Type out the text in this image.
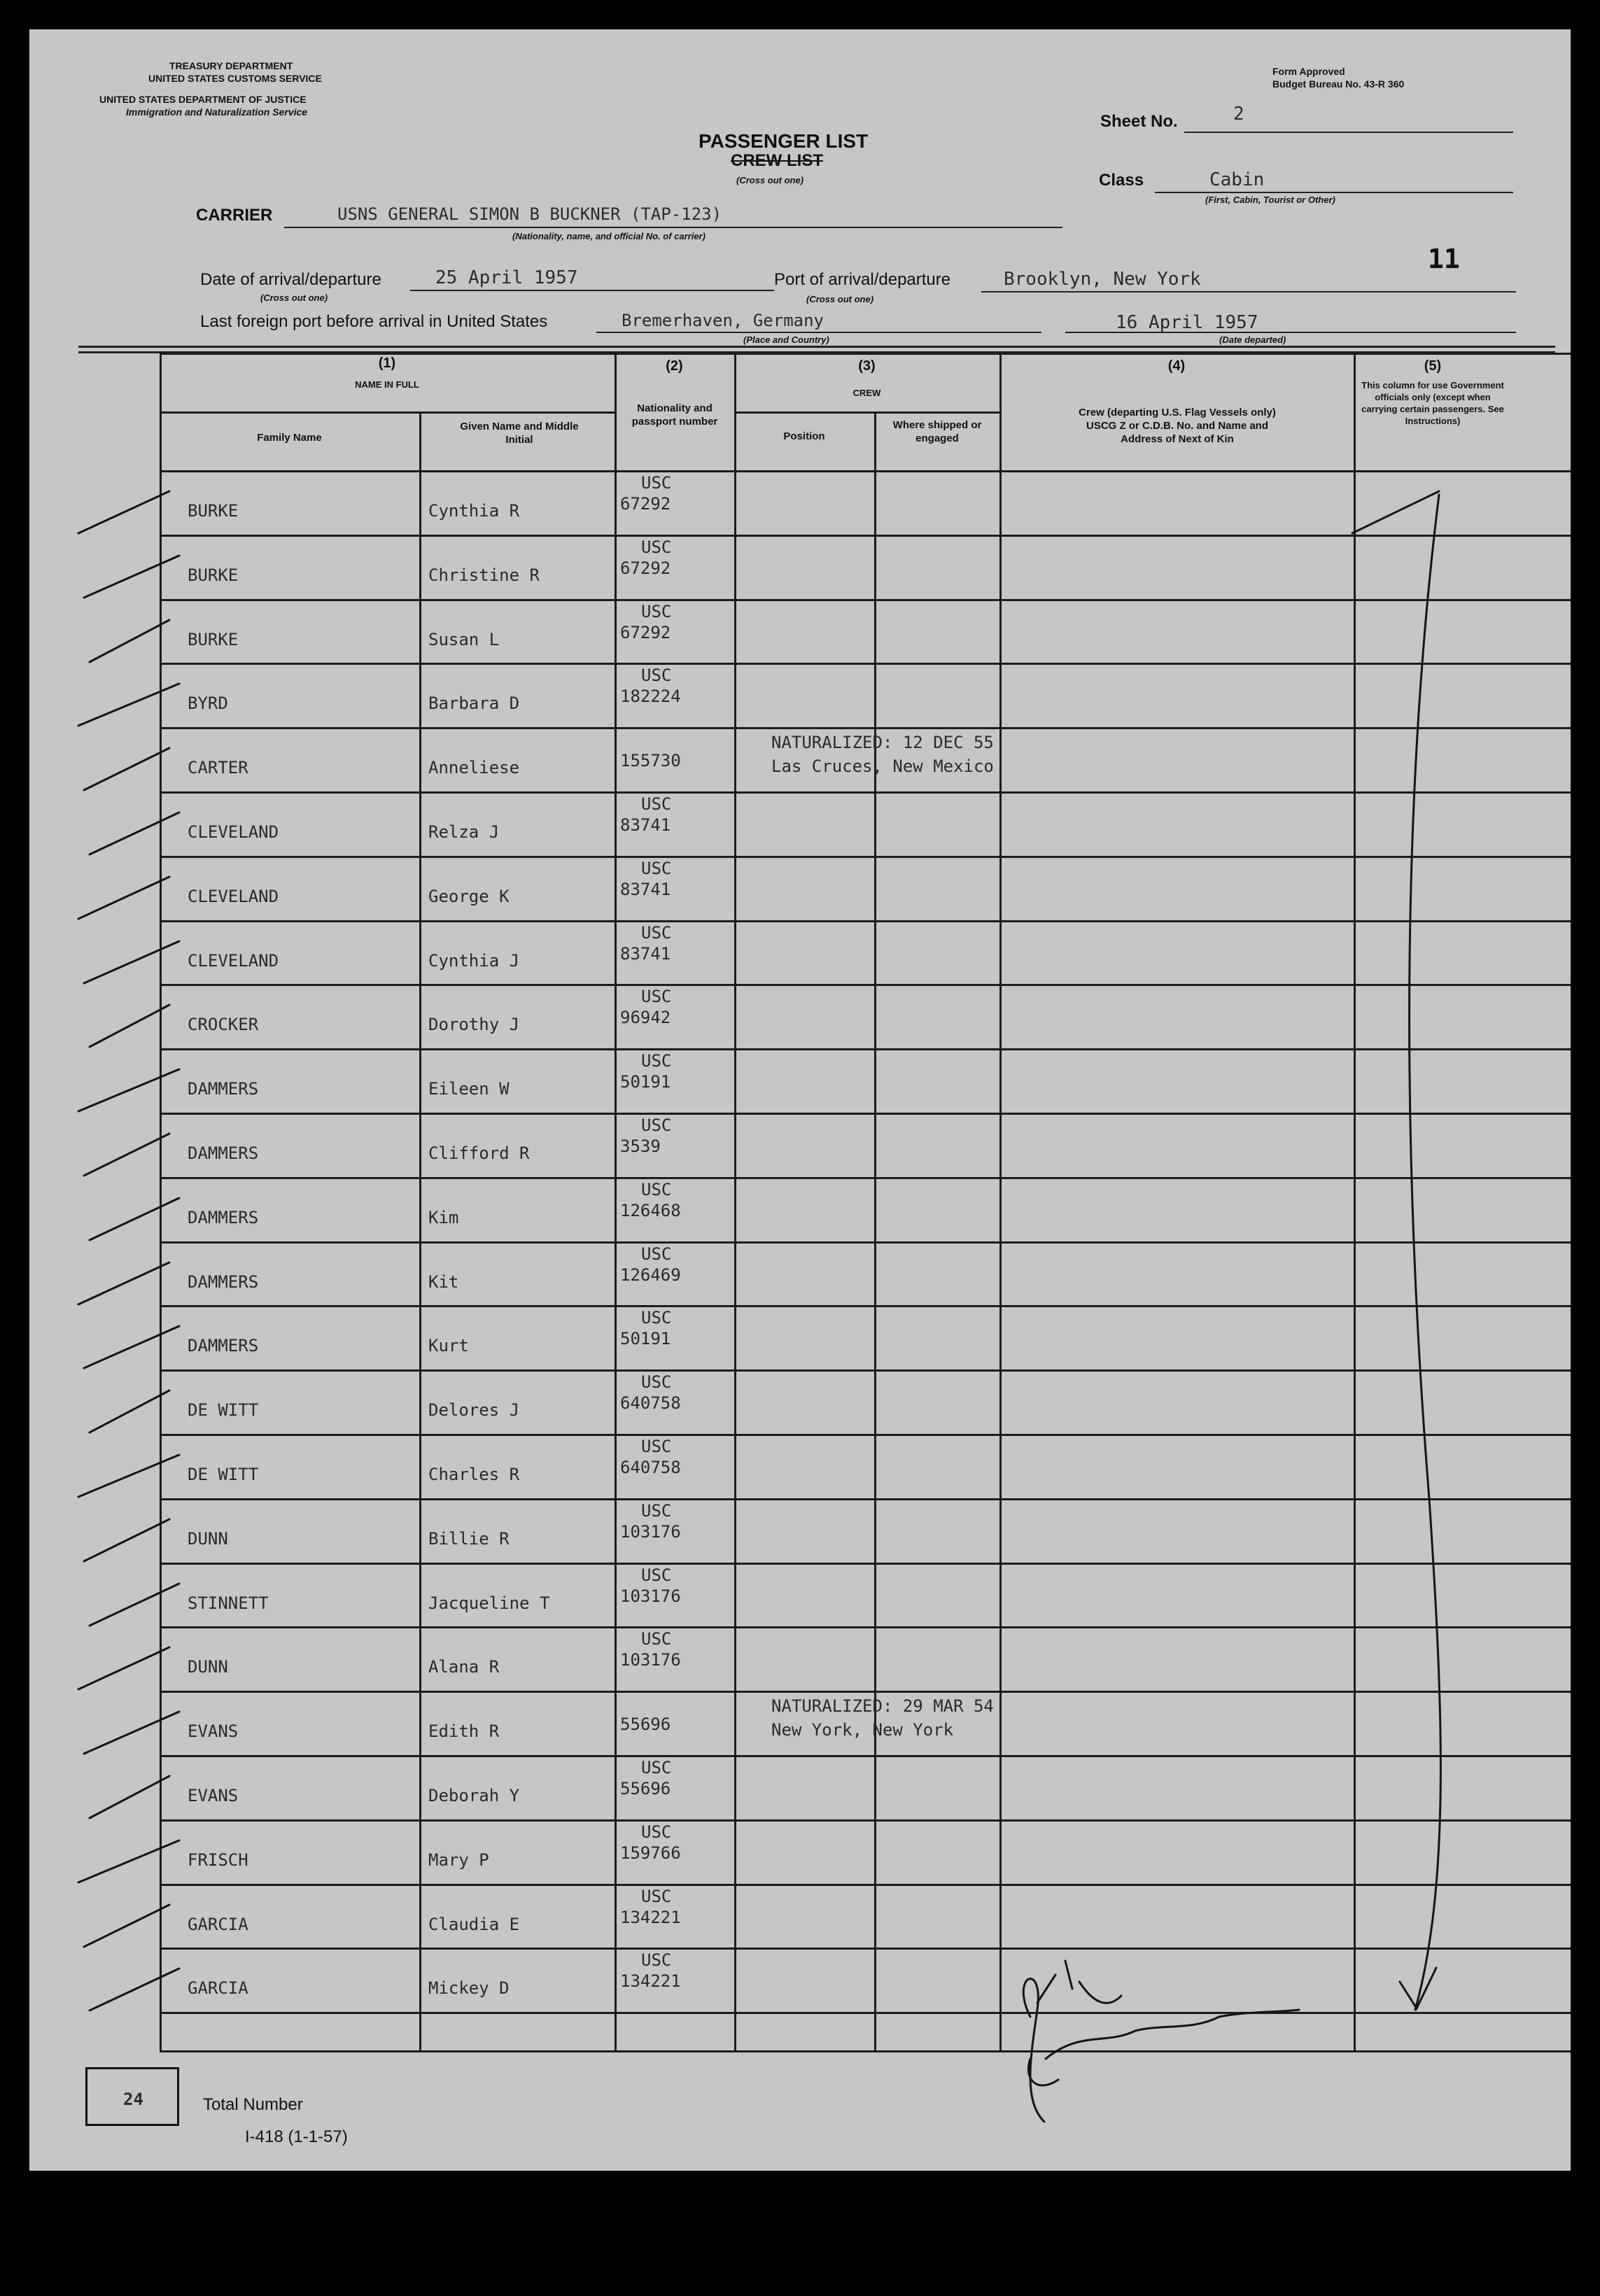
TREASURY DEPARTMENT
UNITED STATES CUSTOMS SERVICE
UNITED STATES DEPARTMENT OF JUSTICE
Immigration and Naturalization Service
Form Approved
Budget Bureau No. 43-R 360
PASSENGER LIST
CREW LIST
(Cross out one)
Sheet No.	2
Class	Cabin
(First, Cabin, Tourist or Other)
11
CARRIER	USNS GENERAL SIMON B BUCKNER (TAP-123)
(Nationality, name, and official No. of carrier)
Date of arrival/departure	25 April 1957
(Cross out one)
Port of arrival/departure	Brooklyn, New York
(Cross out one)
Last foreign port before arrival in United States	Bremerhaven, Germany
(Place and Country)
16 April 1957
(Date departed)
(1)
NAME IN FULL
Family Name
Given Name and Middle Initial
(2)
Nationality and passport number
(3)
CREW
Position
Where shipped or engaged
(4)
Crew (departing U.S. Flag Vessels only) USCG Z or C.D.B. No. and Name and Address of Next of Kin
(5)
This column for use Government officials only (except when carrying certain passengers. See Instructions)
BURKE	Cynthia R
USC
67292
BURKE	Christine R
USC
67292
BURKE	Susan L
USC
67292
BYRD	Barbara D
USC
182224
CARTER	Anneliese	155730
NATURALIZED: 12 DEC 55
Las Cruces, New Mexico
CLEVELAND	Relza J
USC
83741
CLEVELAND	George K
USC
83741
CLEVELAND	Cynthia J
USC
83741
CROCKER	Dorothy J
USC
96942
DAMMERS	Eileen W
USC
50191
DAMMERS	Clifford R
USC
3539
DAMMERS	Kim
USC
126468
DAMMERS	Kit
USC
126469
DAMMERS	Kurt
USC
50191
DE WITT	Delores J
USC
640758
DE WITT	Charles R
USC
640758
DUNN	Billie R
USC
103176
STINNETT	Jacqueline T
USC
103176
DUNN	Alana R
USC
103176
EVANS	Edith R	55696
NATURALIZED: 29 MAR 54
New York, New York
EVANS	Deborah Y
USC
55696
FRISCH	Mary P
USC
159766
GARCIA	Claudia E
USC
134221
GARCIA	Mickey D
USC
134221
24	Total Number
I-418 (1-1-57)
